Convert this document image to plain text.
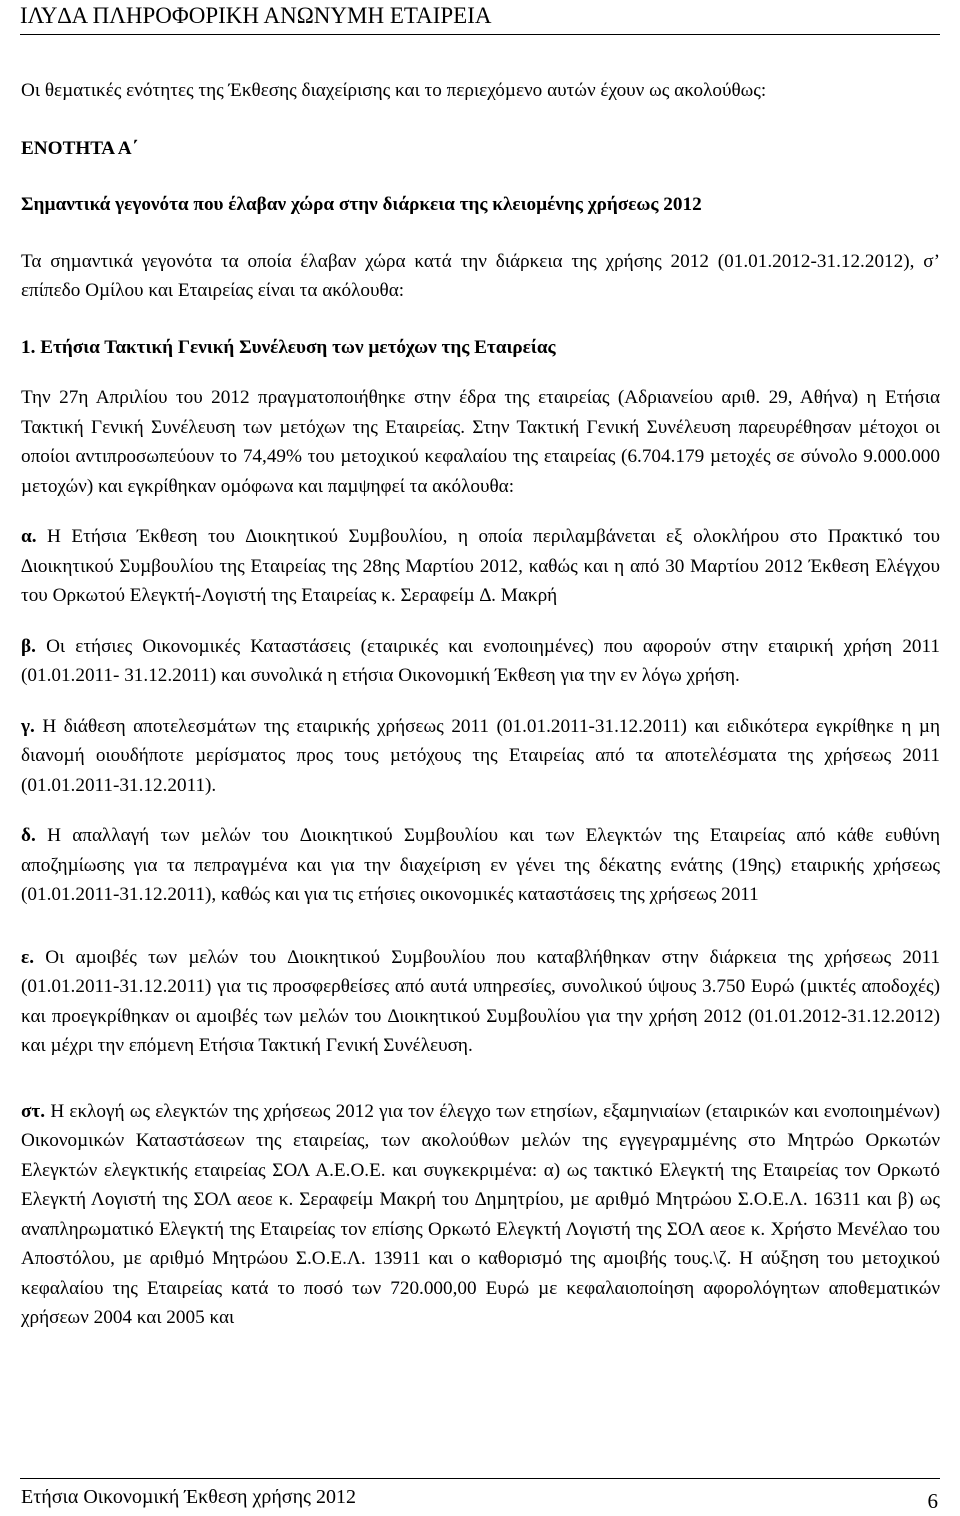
ΙΛΥ∆Α ΠΛΗΡΟΦΟΡΙΚΗ ΑΝΩΝΥΜΗ ΕΤΑΙΡΕΙΑ

Οι θεµατικές ενότητες της Έκθεσης διαχείρισης και το περιεχόµενο αυτών έχουν ως ακολούθως:

ΕΝΟΤΗΤΑ Α΄

Σηµαντικά γεγονότα που έλαβαν χώρα στην διάρκεια της κλειοµένης χρήσεως 2012

Τα σηµαντικά γεγονότα τα οποία έλαβαν χώρα κατά την διάρκεια της χρήσης 2012 (01.01.2012-31.12.2012), σ’ επίπεδο Οµίλου και Εταιρείας είναι τα ακόλουθα:

1. Ετήσια Τακτική Γενική Συνέλευση των µετόχων της Εταιρείας

Την 27η Απριλίου του 2012 πραγµατοποιήθηκε στην έδρα της εταιρείας (Αδριανείου αριθ. 29, Αθήνα) η Ετήσια Τακτική Γενική Συνέλευση των µετόχων της Εταιρείας. Στην Τακτική Γενική Συνέλευση παρευρέθησαν µέτοχοι οι οποίοι αντιπροσωπεύουν το 74,49% του µετοχικού κεφαλαίου της εταιρείας (6.704.179 µετοχές σε σύνολο 9.000.000 µετοχών) και εγκρίθηκαν οµόφωνα και παµψηφεί τα ακόλουθα:

α. Η Ετήσια Έκθεση του ∆ιοικητικού Συµβουλίου, η οποία περιλαµβάνεται εξ ολοκλήρου στο Πρακτικό του ∆ιοικητικού Συµβουλίου της Εταιρείας της 28ης Μαρτίου 2012, καθώς και η από 30 Μαρτίου 2012 Έκθεση Ελέγχου του Ορκωτού Ελεγκτή-Λογιστή της Εταιρείας κ. Σεραφείµ ∆. Μακρή

β. Οι ετήσιες Οικονοµικές Καταστάσεις (εταιρικές και ενοποιηµένες) που αφορούν στην εταιρική χρήση 2011 (01.01.2011- 31.12.2011) και συνολικά η ετήσια Οικονοµική Έκθεση για την εν λόγω χρήση.

γ. Η διάθεση αποτελεσµάτων της εταιρικής χρήσεως 2011 (01.01.2011-31.12.2011) και ειδικότερα εγκρίθηκε η µη διανοµή οιουδήποτε µερίσµατος προς τους µετόχους της Εταιρείας από τα αποτελέσµατα της χρήσεως 2011 (01.01.2011-31.12.2011).

δ. Η απαλλαγή των µελών του ∆ιοικητικού Συµβουλίου και των Ελεγκτών της Εταιρείας από κάθε ευθύνη αποζηµίωσης για τα πεπραγµένα και για την διαχείριση εν γένει της δέκατης ενάτης (19ης) εταιρικής χρήσεως (01.01.2011-31.12.2011), καθώς και για τις ετήσιες οικονοµικές καταστάσεις της χρήσεως 2011

ε. Οι αµοιβές των µελών του ∆ιοικητικού Συµβουλίου που καταβλήθηκαν στην διάρκεια της χρήσεως 2011 (01.01.2011-31.12.2011) για τις προσφερθείσες από αυτά υπηρεσίες, συνολικού ύψους 3.750 Ευρώ (µικτές αποδοχές) και προεγκρίθηκαν οι αµοιβές των µελών του ∆ιοικητικού Συµβουλίου για την χρήση 2012 (01.01.2012-31.12.2012) και µέχρι την επόµενη Ετήσια Τακτική Γενική Συνέλευση.

στ. Η εκλογή ως ελεγκτών της χρήσεως 2012 για τον έλεγχο των ετησίων, εξαµηνιαίων (εταιρικών και ενοποιηµένων) Οικονοµικών Καταστάσεων της εταιρείας, των ακολούθων µελών της εγγεγραµµένης στο Μητρώο Ορκωτών Ελεγκτών ελεγκτικής εταιρείας ΣΟΛ Α.Ε.Ο.Ε. και συγκεκριµένα: α) ως τακτικό Ελεγκτή της Εταιρείας τον Ορκωτό Ελεγκτή Λογιστή της ΣΟΛ αεοε κ. Σεραφείµ Μακρή του ∆ηµητρίου, µε αριθµό Μητρώου Σ.Ο.Ε.Λ. 16311 και β) ως αναπληρωµατικό Ελεγκτή της Εταιρείας τον επίσης Ορκωτό Ελεγκτή Λογιστή της ΣΟΛ αεοε κ. Χρήστο Μενέλαο του Αποστόλου, µε αριθµό Μητρώου Σ.Ο.Ε.Λ. 13911 και ο καθορισµό της αµοιβής τους.\ζ. Η αύξηση του µετοχικού κεφαλαίου της Εταιρείας κατά το ποσό των 720.000,00 Ευρώ µε κεφαλαιοποίηση αφορολόγητων αποθεµατικών χρήσεων 2004 και 2005 και

Ετήσια Οικονοµική Έκθεση χρήσης 2012	6
